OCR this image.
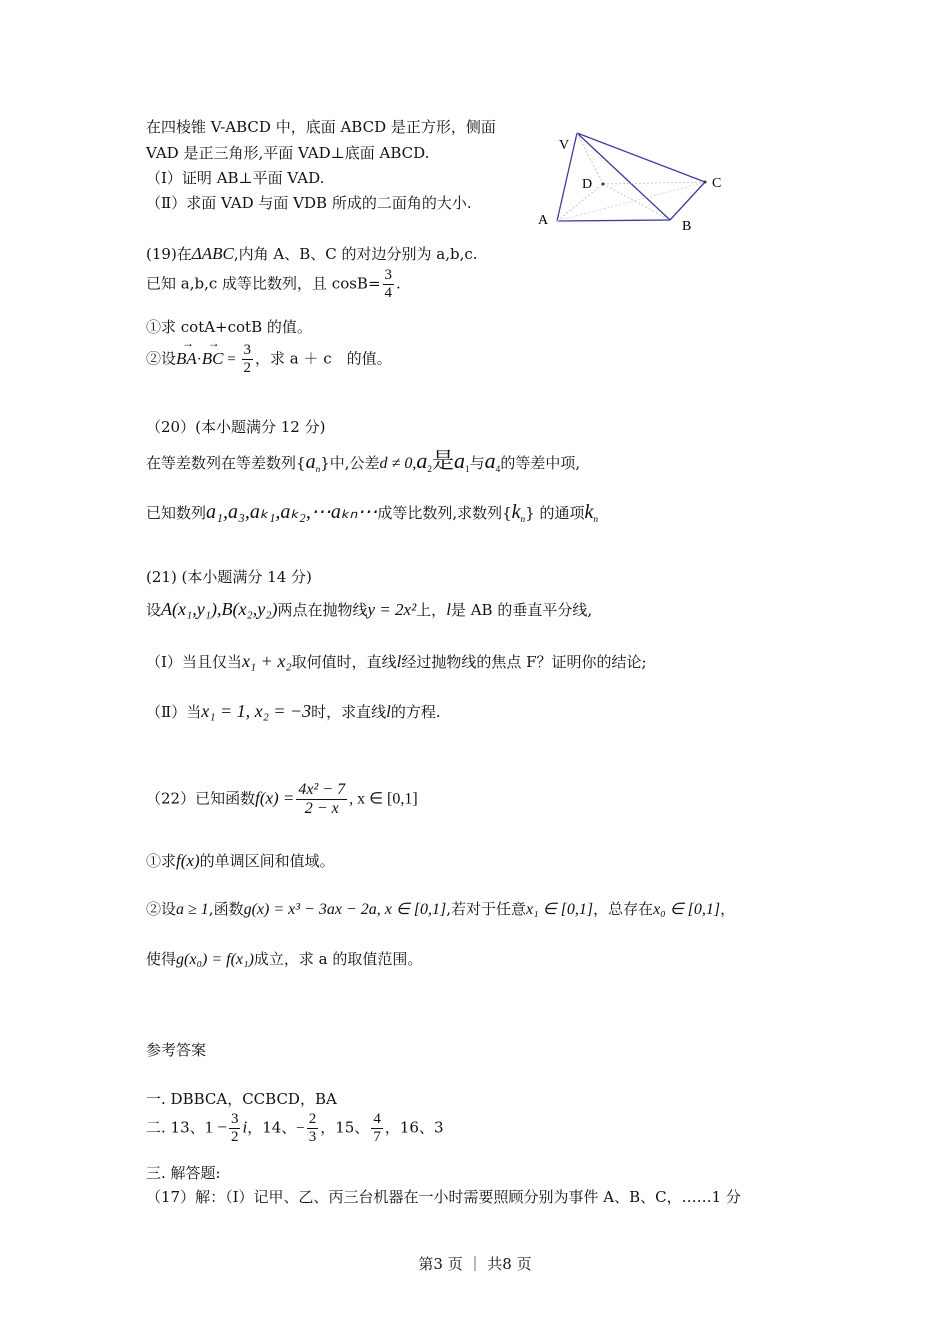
在四棱锥 V-ABCD 中，底面 ABCD 是正方形，侧面
VAD 是正三角形,平面 VAD⊥底面 ABCD.
（Ⅰ）证明 AB⊥平面 VAD.
（Ⅱ）求面 VAD 与面 VDB 所成的二面角的大小.
V
D	C
A	B
(19)在ΔABC,内角 A、B、C 的对边分别为 a,b,c.
已知 a,b,c 成等比数列，且 $\cos B= \frac{3}{4}$ .
①求 cotA+cotB 的值。
②设→ BA·→ BC = $\frac{3}{2}$ ，求 a ＋ c　的值。
（20）(本小题满分 12 分)
在等差数列在等差数列$\{a_n\}$中,公差$d \ne 0,a_2$是$a_1$与$a_4$的等差中项,
已知数列a₁,a₃,aₖ₁,aₖ₂,⋯aₖₙ⋯成等比数列,求数列$\{k_n\}$ 的通项$k_n$
(21) (本小题满分 14 分)
设A(x₁,y₁),B(x₂,y₂)两点在抛物线y = 2x²上，l是 AB 的垂直平分线,
（Ⅰ）当且仅当x₁ + x₂取何值时，直线l经过抛物线的焦点 F？证明你的结论;
（Ⅱ）当x₁ = 1, x₂ = −3时，求直线l的方程.
（22）已知函数$f(x) = \frac{\text{4x² − 7}}{2 - x}$ , x ∈ [0,1]
①求f(x)的单调区间和值域。
②设a ≥ 1,函数g(x) = x³ − 3ax − 2a, x ∈ [0,1],若对于任意x₁ ∈ [0,1]，总存在x₀ ∈ [0,1]，
使得g(x₀) = f(x₁)成立，求 a 的取值范围。
参考答案
一. DBBCA，CCBCD，BA
二. 13、$1 - \frac{3}{2}$ i，14、− $\frac{2}{3}$ ，15、 $\frac{4}{7}$ ，16、3
三. 解答题:
（17）解：（Ⅰ）记甲、乙、丙三台机器在一小时需要照顾分别为事件 A、B、C，……1 分
第3 页 ｜ 共8 页
